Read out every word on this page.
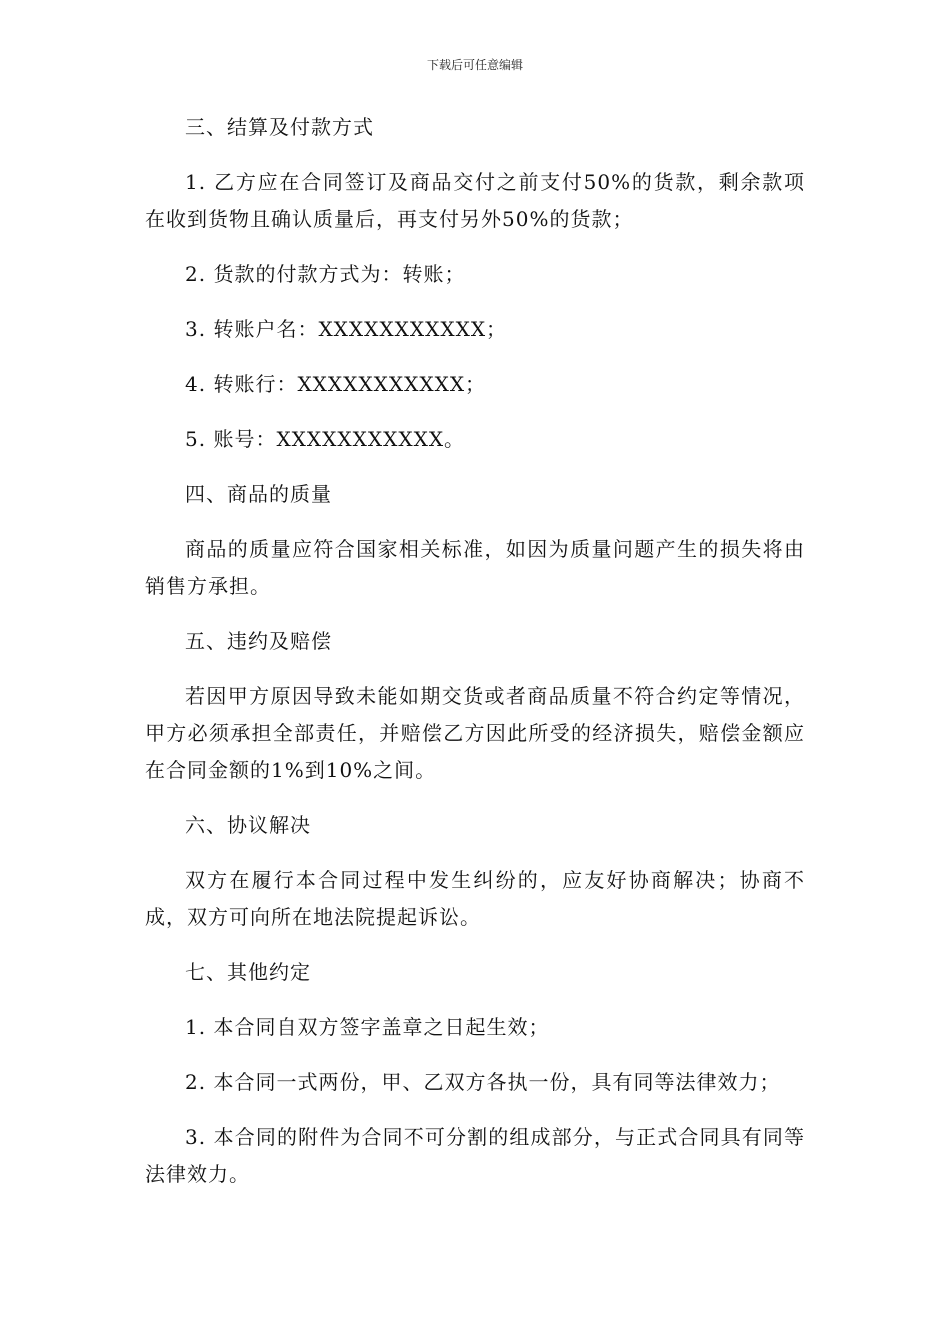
下载后可任意编辑

三、结算及付款方式

1. 乙方应在合同签订及商品交付之前支付50%的货款，剩余款项在收到货物且确认质量后，再支付另外50%的货款；

2. 货款的付款方式为：转账；

3. 转账户名：XXXXXXXXXXX；

4. 转账行：XXXXXXXXXXX；

5. 账号：XXXXXXXXXXX。

四、商品的质量

商品的质量应符合国家相关标准，如因为质量问题产生的损失将由销售方承担。

五、违约及赔偿

若因甲方原因导致未能如期交货或者商品质量不符合约定等情况，甲方必须承担全部责任，并赔偿乙方因此所受的经济损失，赔偿金额应在合同金额的1%到10%之间。

六、协议解决

双方在履行本合同过程中发生纠纷的，应友好协商解决；协商不成，双方可向所在地法院提起诉讼。

七、其他约定

1. 本合同自双方签字盖章之日起生效；

2. 本合同一式两份，甲、乙双方各执一份，具有同等法律效力；

3. 本合同的附件为合同不可分割的组成部分，与正式合同具有同等法律效力。
